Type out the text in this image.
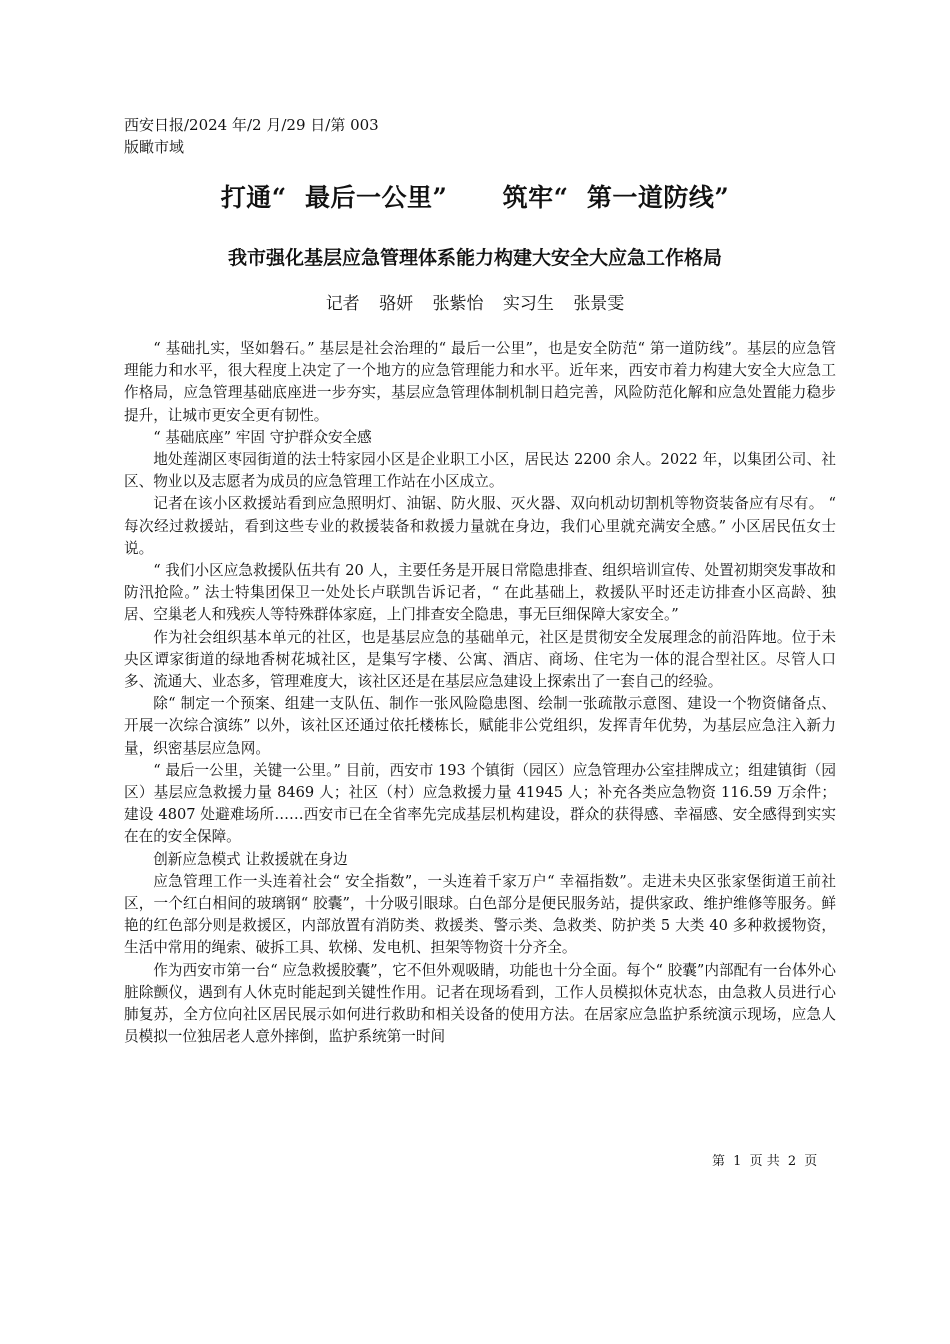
西安日报/2024 年/2 月/29 日/第 003
版瞰市域
打通“  最后一公里”      筑牢“  第一道防线”
我市强化基层应急管理体系能力构建大安全大应急工作格局
记者 骆妍 张紫怡 实习生 张景雯

“ 基础扎实，坚如磐石。” 基层是社会治理的“ 最后一公里”，也是安全防范“ 第一道防线”。基层的应急管理能力和水平，很大程度上决定了一个地方的应急管理能力和水平。近年来，西安市着力构建大安全大应急工作格局，应急管理基础底座进一步夯实，基层应急管理体制机制日趋完善，风险防范化解和应急处置能力稳步提升，让城市更安全更有韧性。

“ 基础底座” 牢固 守护群众安全感

地处莲湖区枣园街道的法士特家园小区是企业职工小区，居民达 2200 余人。2022 年，以集团公司、社区、物业以及志愿者为成员的应急管理工作站在小区成立。

记者在该小区救援站看到应急照明灯、油锯、防火服、灭火器、双向机动切割机等物资装备应有尽有。 “ 每次经过救援站，看到这些专业的救援装备和救援力量就在身边，我们心里就充满安全感。” 小区居民伍女士说。

“ 我们小区应急救援队伍共有 20 人，主要任务是开展日常隐患排查、组织培训宣传、处置初期突发事故和防汛抢险。” 法士特集团保卫一处处长卢联凯告诉记者，“ 在此基础上，救援队平时还走访排查小区高龄、独居、空巢老人和残疾人等特殊群体家庭，上门排查安全隐患，事无巨细保障大家安全。”

作为社会组织基本单元的社区，也是基层应急的基础单元，社区是贯彻安全发展理念的前沿阵地。位于未央区谭家街道的绿地香树花城社区，是集写字楼、公寓、酒店、商场、住宅为一体的混合型社区。尽管人口多、流通大、业态多，管理难度大，该社区还是在基层应急建设上探索出了一套自己的经验。

除“ 制定一个预案、组建一支队伍、制作一张风险隐患图、绘制一张疏散示意图、建设一个物资储备点、开展一次综合演练” 以外，该社区还通过依托楼栋长，赋能非公党组织，发挥青年优势，为基层应急注入新力量，织密基层应急网。

“ 最后一公里，关键一公里。” 目前，西安市 193 个镇街（园区）应急管理办公室挂牌成立；组建镇街（园区）基层应急救援力量 8469 人；社区（村）应急救援力量 41945 人；补充各类应急物资 116.59 万余件；建设 4807 处避难场所……西安市已在全省率先完成基层机构建设，群众的获得感、幸福感、安全感得到实实在在的安全保障。

创新应急模式 让救援就在身边

应急管理工作一头连着社会“ 安全指数”，一头连着千家万户“ 幸福指数”。走进未央区张家堡街道王前社区，一个红白相间的玻璃钢“ 胶囊”，十分吸引眼球。白色部分是便民服务站，提供家政、维护维修等服务。鲜艳的红色部分则是救援区，内部放置有消防类、救援类、警示类、急救类、防护类 5 大类 40 多种救援物资，生活中常用的绳索、破拆工具、软梯、发电机、担架等物资十分齐全。

作为西安市第一台“ 应急救援胶囊”，它不但外观吸睛，功能也十分全面。每个“ 胶囊”内部配有一台体外心脏除颤仪，遇到有人休克时能起到关键性作用。记者在现场看到，工作人员模拟休克状态，由急救人员进行心肺复苏，全方位向社区居民展示如何进行救助和相关设备的使用方法。在居家应急监护系统演示现场，应急人员模拟一位独居老人意外摔倒，监护系统第一时间

第 1 页 共 2 页
